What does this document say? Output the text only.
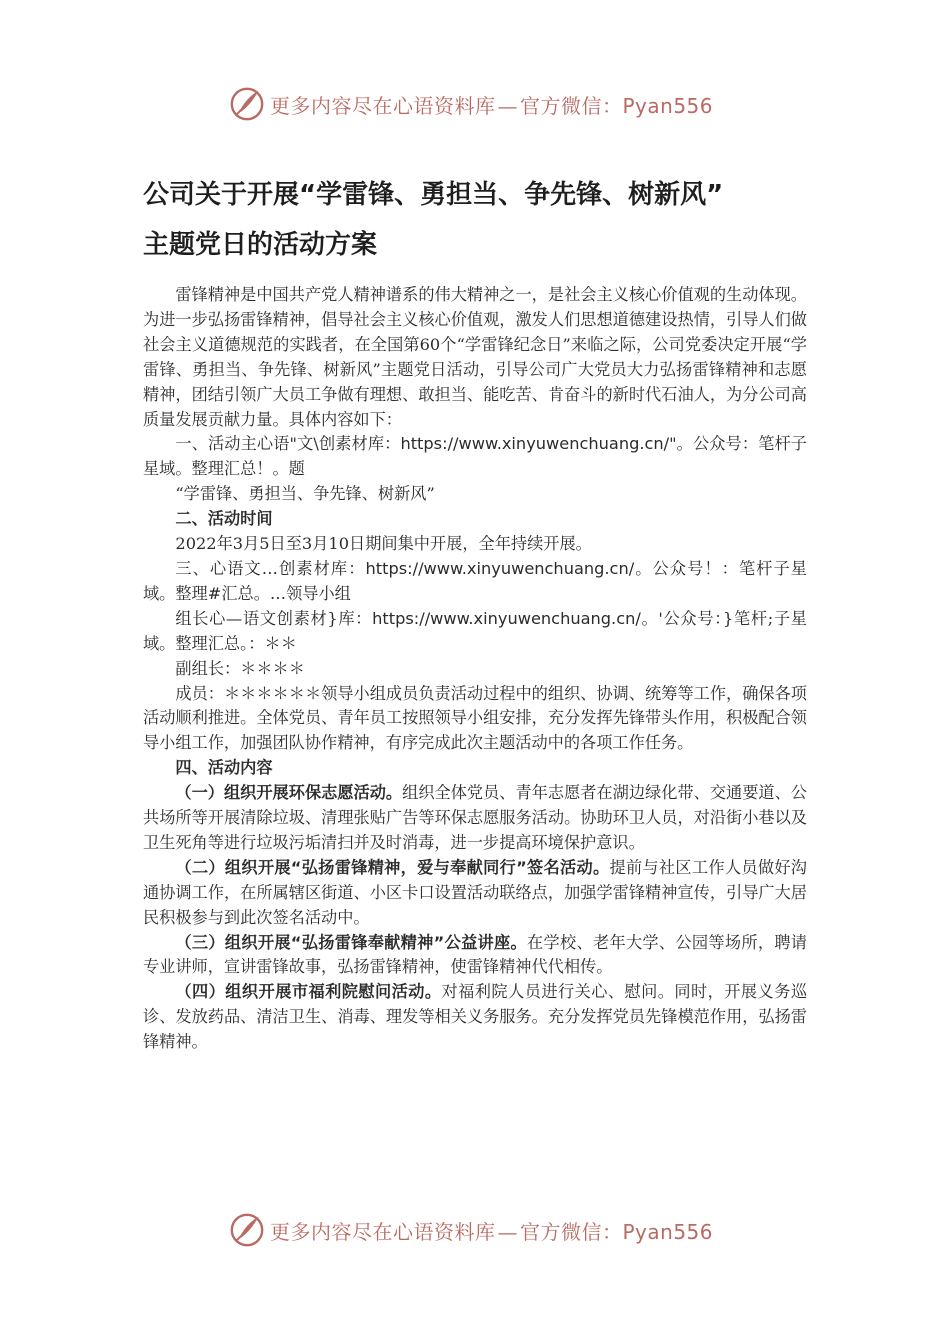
更多内容尽在心语资料库 — 官方微信：Pyan556
公司关于开展“学雷锋、勇担当、争先锋、树新风”
主题党日的活动方案

雷锋精神是中国共产党人精神谱系的伟大精神之一，是社会主义核心价值观的生动体现。为进一步弘扬雷锋精神，倡导社会主义核心价值观，激发人们思想道德建设热情，引导人们做社会主义道德规范的实践者，在全国第60个“学雷锋纪念日”来临之际，公司党委决定开展“学雷锋、勇担当、争先锋、树新风”主题党日活动，引导公司广大党员大力弘扬雷锋精神和志愿精神，团结引领广大员工争做有理想、敢担当、能吃苦、肯奋斗的新时代石油人，为分公司高质量发展贡献力量。具体内容如下：

一、活动主心语"文\创素材库：https://www.xinyuwenchuang.cn/"。公众号：笔杆子星域。整理汇总！。题

“学雷锋、勇担当、争先锋、树新风”

二、活动时间

2022年3月5日至3月10日期间集中开展，全年持续开展。

三、心语文…创素材库：https://www.xinyuwenchuang.cn/。公众号！：笔杆子星域。整理#汇总。…领导小组

组长心—语文创素材}库：https://www.xinyuwenchuang.cn/。'公众号：}笔杆;子星域。整理汇总。：＊＊

副组长：＊＊＊＊

成员：＊＊＊＊＊＊领导小组成员负责活动过程中的组织、协调、统筹等工作，确保各项活动顺利推进。全体党员、青年员工按照领导小组安排，充分发挥先锋带头作用，积极配合领导小组工作，加强团队协作精神，有序完成此次主题活动中的各项工作任务。

四、活动内容

（一）组织开展环保志愿活动。组织全体党员、青年志愿者在湖边绿化带、交通要道、公共场所等开展清除垃圾、清理张贴广告等环保志愿服务活动。协助环卫人员，对沿街小巷以及卫生死角等进行垃圾污垢清扫并及时消毒，进一步提高环境保护意识。

（二）组织开展“弘扬雷锋精神，爱与奉献同行”签名活动。提前与社区工作人员做好沟通协调工作，在所属辖区街道、小区卡口设置活动联络点，加强学雷锋精神宣传，引导广大居民积极参与到此次签名活动中。

（三）组织开展“弘扬雷锋奉献精神”公益讲座。在学校、老年大学、公园等场所，聘请专业讲师，宣讲雷锋故事，弘扬雷锋精神，使雷锋精神代代相传。

（四）组织开展市福利院慰问活动。对福利院人员进行关心、慰问。同时，开展义务巡诊、发放药品、清洁卫生、消毒、理发等相关义务服务。充分发挥党员先锋模范作用，弘扬雷锋精神。

更多内容尽在心语资料库 — 官方微信：Pyan556
